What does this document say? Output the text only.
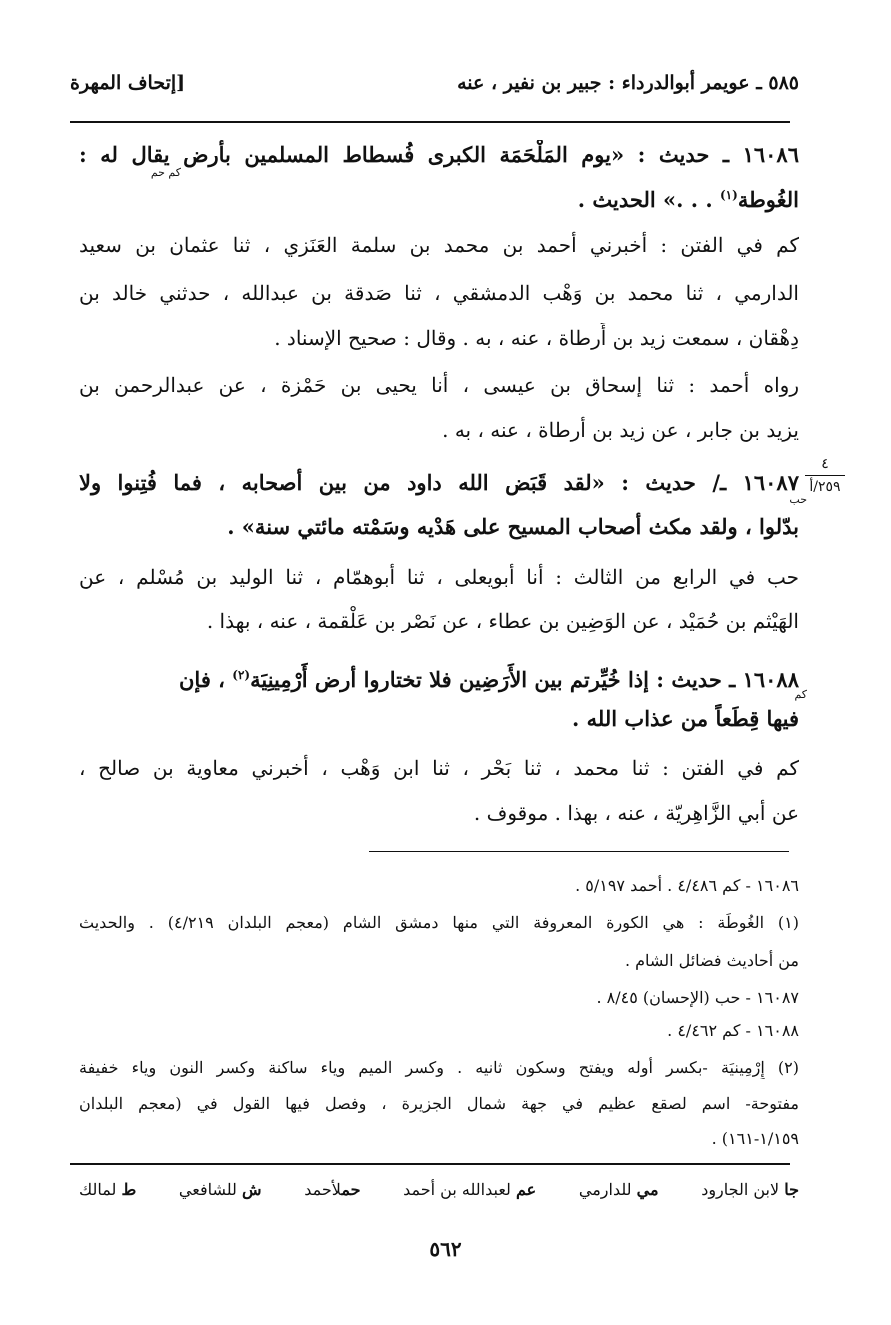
٥٨٥ ـ عويمر أبوالدرداء : جبير بن نفير ، عنه
[إتحاف المهرة
١٦٠٨٦ ـ حديث : «يوم المَلْحَمَة الكبرى فُسطاط المسلمين بأرض يقال له :
كم حم
الغُوطة$^{(١)}$ . . .» الحديث .
كم في الفتن : أخبرني أحمد بن محمد بن سلمة العَنَزي ، ثنا عثمان بن سعيد
الدارمي ، ثنا محمد بن وَهْب الدمشقي ، ثنا صَدقة بن عبدالله ، حدثني خالد بن
دِهْقان ، سمعت زيد بن أَرطاة ، عنه ، به . وقال : صحيح الإسناد .
رواه أحمد : ثنا إسحاق بن عيسى ، أنا يحيى بن حَمْزة ، عن عبدالرحمن بن
يزيد بن جابر ، عن زيد بن أرطاة ، عنه ، به .
٤
٢٥٩/أ
١٦٠٨٧ ـ/ حديث : «لقد قَبَض الله داود من بين أصحابه ، فما فُتِنوا ولا
حب
بدّلوا ، ولقد مكث أصحاب المسيح على هَدْيه وسَمْته مائتي سنة» .
حب في الرابع من الثالث : أنا أبويعلى ، ثنا أبوهمّام ، ثنا الوليد بن مُسْلم ، عن
الهَيْثم بن حُمَيْد ، عن الوَضِين بن عطاء ، عن نَصْر بن عَلْقمة ، عنه ، بهذا .
١٦٠٨٨ ـ حديث : إذا خُيِّرتم بين الأَرَضِين فلا تختاروا أرض أَرْمِينِيَة$^{(٢)}$ ، فإن
كم
فيها قِطَعاً من عذاب الله .
كم في الفتن : ثنا محمد ، ثنا بَحْر ، ثنا ابن وَهْب ، أخبرني معاوية بن صالح ،
عن أبي الزَّاهِريّة ، عنه ، بهذا . موقوف .
١٦٠٨٦ - كم ٤/٤٨٦ . أحمد ٥/١٩٧ .
(١) الغُوطَة : هي الكورة المعروفة التي منها دمشق الشام (معجم البلدان ٤/٢١٩) . والحديث
من أحاديث فضائل الشام .
١٦٠٨٧ - حب (الإحسان) ٨/٤٥ .
١٦٠٨٨ - كم ٤/٤٦٢ .
(٢) إِرْمِينيَة -بكسر أوله ويفتح وسكون ثانيه . وكسر الميم وياء ساكنة وكسر النون وياء خفيفة
مفتوحة- اسم لصقع عظيم في جهة شمال الجزيرة ، وفصل فيها القول في (معجم البلدان
١/١٥٩-١٦١) .
ط لمالك	ش للشافعي	حملأحمد	عم لعبدالله بن أحمد	مي للدارمي	جا لابن الجارود
٥٦٢
